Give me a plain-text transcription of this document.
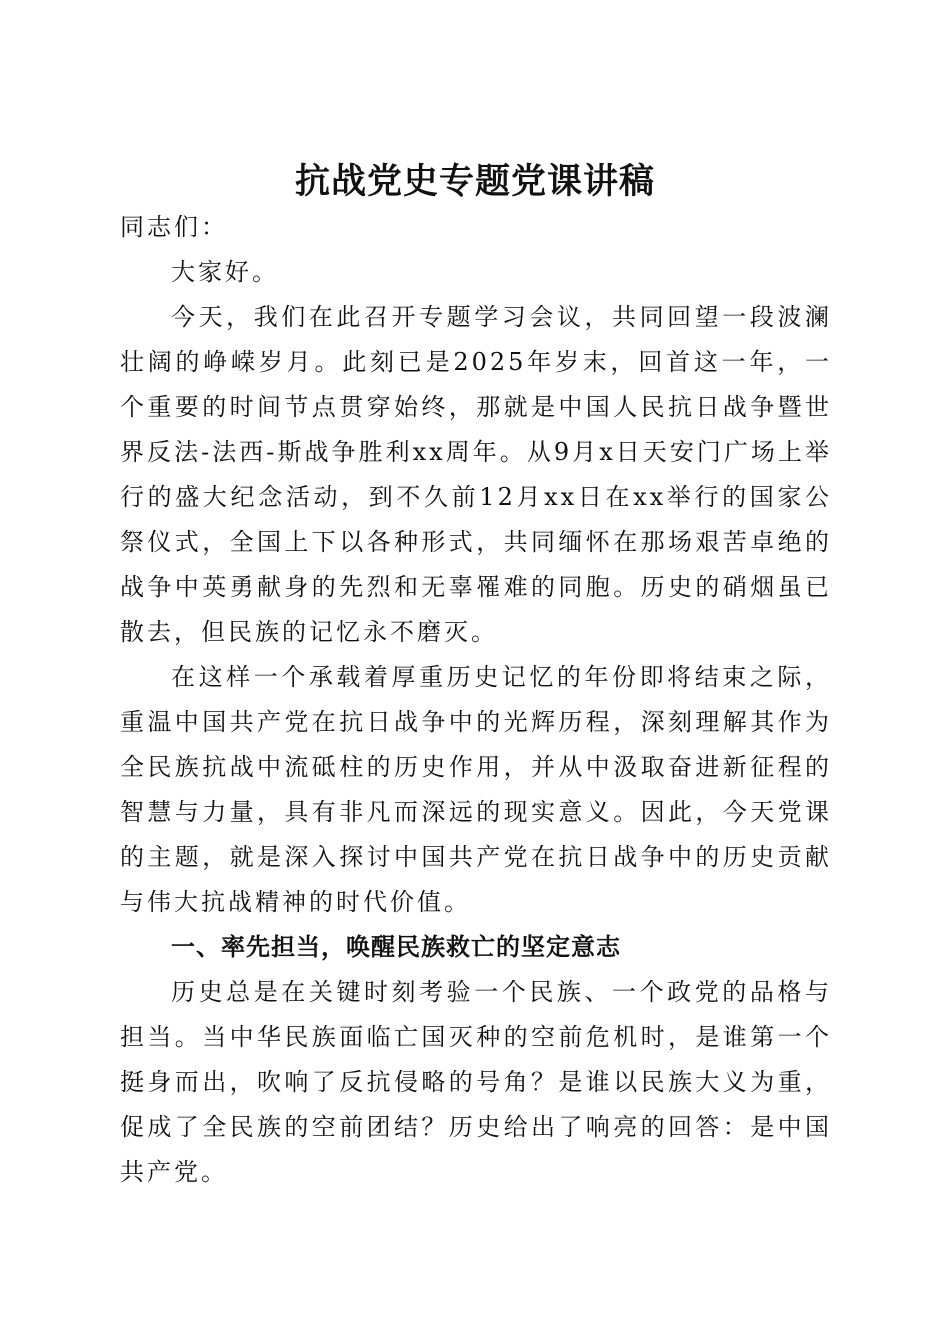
抗战党史专题党课讲稿

同志们：

大家好。

今天，我们在此召开专题学习会议，共同回望一段波澜壮阔的峥嵘岁月。此刻已是2025年岁末，回首这一年，一个重要的时间节点贯穿始终，那就是中国人民抗日战争暨世界反法-法西-斯战争胜利xx周年。从9月x日天安门广场上举行的盛大纪念活动，到不久前12月xx日在xx举行的国家公祭仪式，全国上下以各种形式，共同缅怀在那场艰苦卓绝的战争中英勇献身的先烈和无辜罹难的同胞。历史的硝烟虽已散去，但民族的记忆永不磨灭。

在这样一个承载着厚重历史记忆的年份即将结束之际，重温中国共产党在抗日战争中的光辉历程，深刻理解其作为全民族抗战中流砥柱的历史作用，并从中汲取奋进新征程的智慧与力量，具有非凡而深远的现实意义。因此，今天党课的主题，就是深入探讨中国共产党在抗日战争中的历史贡献与伟大抗战精神的时代价值。

一、率先担当，唤醒民族救亡的坚定意志

历史总是在关键时刻考验一个民族、一个政党的品格与担当。当中华民族面临亡国灭种的空前危机时，是谁第一个挺身而出，吹响了反抗侵略的号角？是谁以民族大义为重，促成了全民族的空前团结？历史给出了响亮的回答：是中国共产党。
